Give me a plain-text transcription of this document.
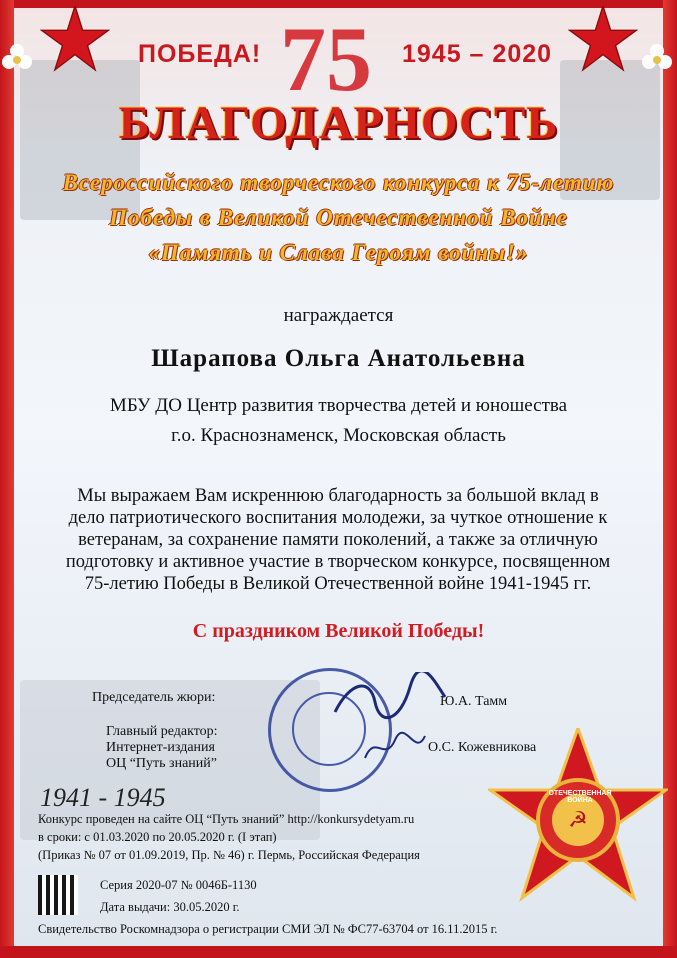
75
ПОБЕДА!	1945 – 2020
БЛАГОДАРНОСТЬ
Всероссийского творческого конкурса к 75-летию
Победы в Великой Отечественной Войне
«Память и Слава Героям войны!»
награждается
Шарапова Ольга Анатольевна
МБУ ДО Центр развития творчества детей и юношества
г.о. Краснознаменск, Московская область
Мы выражаем Вам искреннюю благодарность за большой вклад в
дело патриотического воспитания молодежи, за чуткое отношение к
ветеранам, за сохранение памяти поколений, а также за отличную
подготовку и активное участие в творческом конкурсе, посвященном
75-летию Победы в Великой Отечественной войне 1941-1945 гг.
С праздником Великой Победы!
Председатель жюри:
Главный редактор:
Интернет-издания
ОЦ “Путь знаний”
Ю.А. Тамм
О.С. Кожевникова
1941 - 1945
Конкурс проведен на сайте ОЦ “Путь знаний” http://konkursydetyam.ru
в сроки: с 01.03.2020 по 20.05.2020 г. (I этап)
(Приказ № 07 от 01.09.2019, Пр. № 46) г. Пермь, Российская Федерация
Серия 2020-07 № 0046Б-1130
Дата выдачи: 30.05.2020 г.
Свидетельство Роскомнадзора о регистрации СМИ ЭЛ № ФС77-63704 от 16.11.2015 г.
☭
ОТЕЧЕСТВЕННАЯ ВОЙНА
